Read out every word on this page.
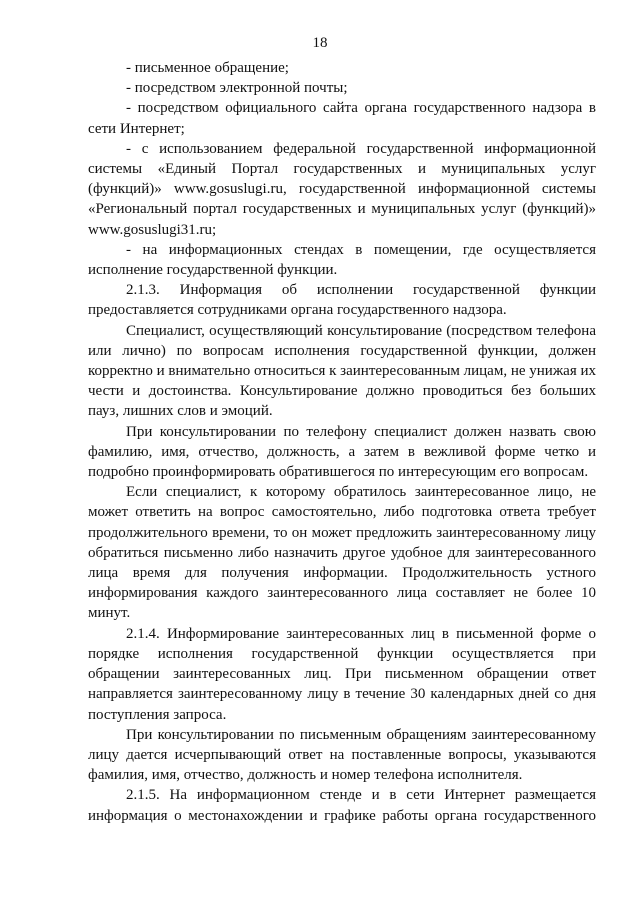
18

- письменное обращение;

- посредством электронной почты;

- посредством официального сайта органа государственного надзора в сети Интернет;

- с использованием федеральной государственной информационной системы «Единый Портал государственных и муниципальных услуг (функций)» www.gosuslugi.ru, государственной информационной системы «Региональный портал государственных и муниципальных услуг (функций)» www.gosuslugi31.ru;

- на информационных стендах в помещении, где осуществляется исполнение государственной функции.

2.1.3. Информация об исполнении государственной функции предоставляется сотрудниками органа государственного надзора.

Специалист, осуществляющий консультирование (посредством телефона или лично) по вопросам исполнения государственной функции, должен корректно и внимательно относиться к заинтересованным лицам, не унижая их чести и достоинства. Консультирование должно проводиться без больших пауз, лишних слов и эмоций.

При консультировании по телефону специалист должен назвать свою фамилию, имя, отчество, должность, а затем в вежливой форме четко и подробно проинформировать обратившегося по интересующим его вопросам.

Если специалист, к которому обратилось заинтересованное лицо, не может ответить на вопрос самостоятельно, либо подготовка ответа требует продолжительного времени, то он может предложить заинтересованному лицу обратиться письменно либо назначить другое удобное для заинтересованного лица время для получения информации. Продолжительность устного информирования каждого заинтересованного лица составляет не более 10 минут.

2.1.4. Информирование заинтересованных лиц в письменной форме о порядке исполнения государственной функции осуществляется при обращении заинтересованных лиц. При письменном обращении ответ направляется заинтересованному лицу в течение 30 календарных дней со дня поступления запроса.

При консультировании по письменным обращениям заинтересованному лицу дается исчерпывающий ответ на поставленные вопросы, указываются фамилия, имя, отчество, должность и номер телефона исполнителя.

2.1.5. На информационном стенде и в сети Интернет размещается информация о местонахождении и графике работы органа государственного
